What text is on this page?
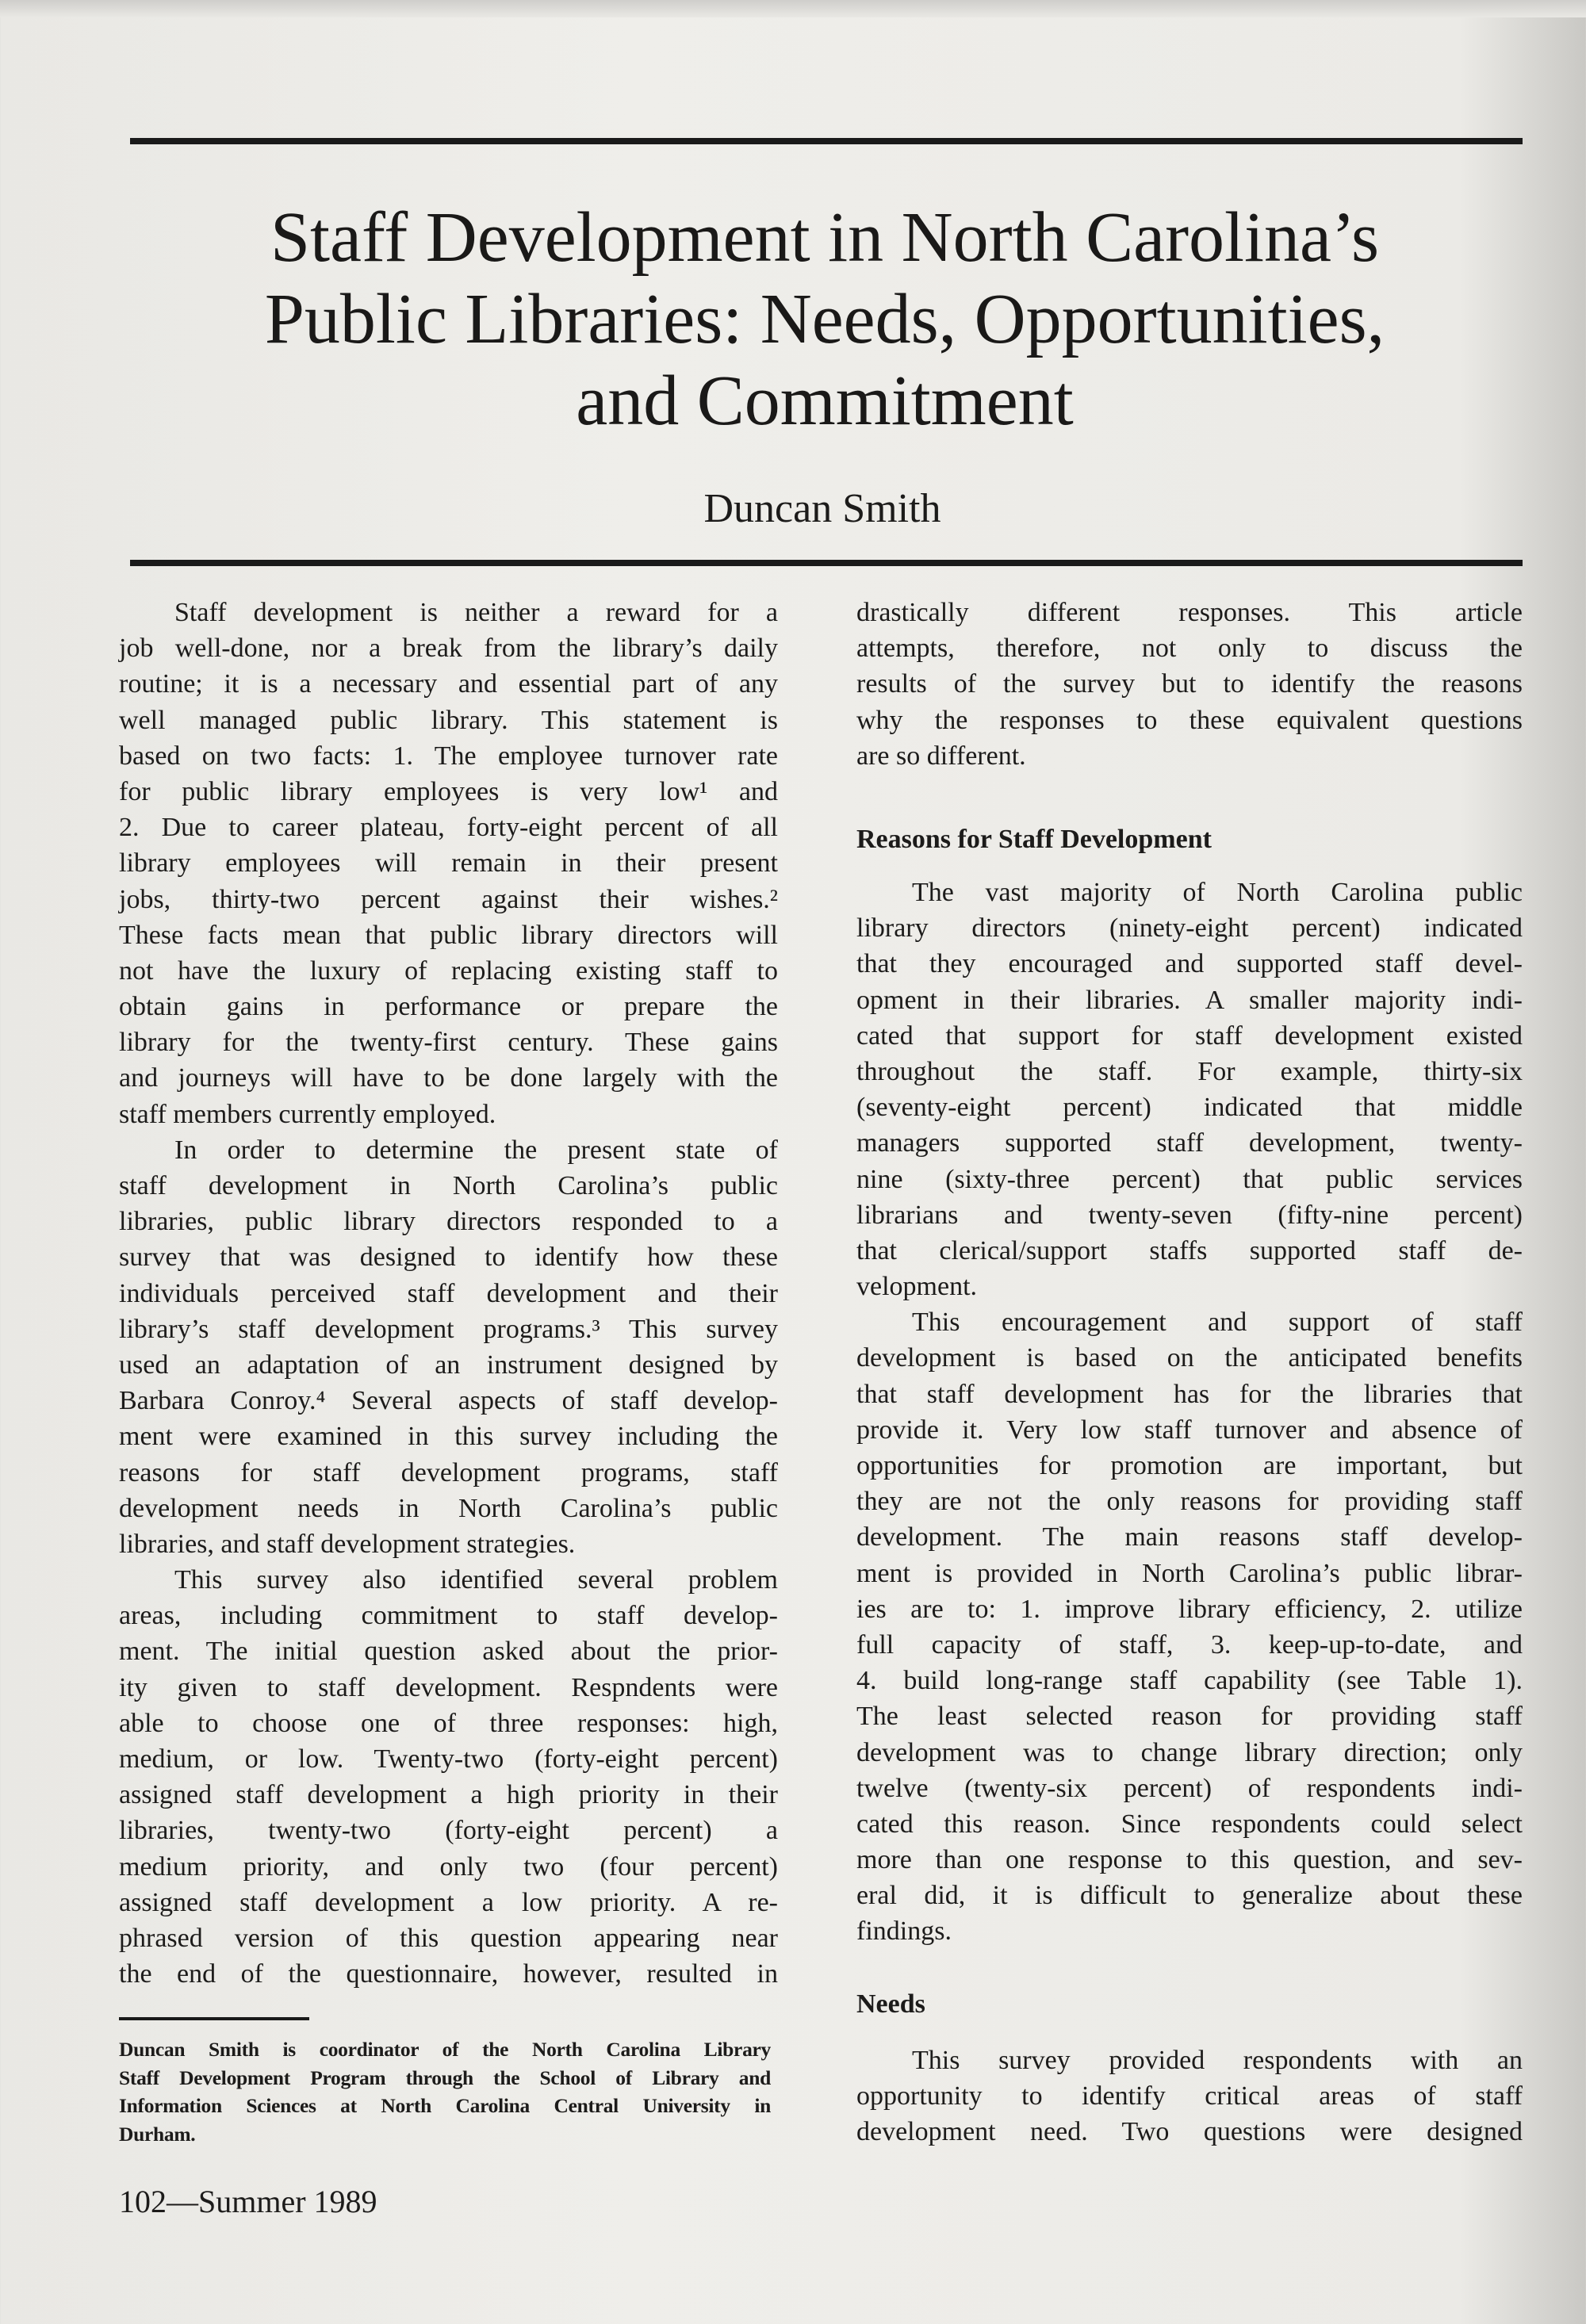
Staff Development in North Carolina’s
Public Libraries: Needs, Opportunities,
and Commitment
Duncan Smith
Staff development is neither a reward for a
job well-done, nor a break from the library’s daily
routine; it is a necessary and essential part of any
well managed public library. This statement is
based on two facts: 1. The employee turnover rate
for public library employees is very low¹ and
2. Due to career plateau, forty-eight percent of all
library employees will remain in their present
jobs, thirty-two percent against their wishes.²
These facts mean that public library directors will
not have the luxury of replacing existing staff to
obtain gains in performance or prepare the
library for the twenty-first century. These gains
and journeys will have to be done largely with the
staff members currently employed.
In order to determine the present state of
staff development in North Carolina’s public
libraries, public library directors responded to a
survey that was designed to identify how these
individuals perceived staff development and their
library’s staff development programs.³ This survey
used an adaptation of an instrument designed by
Barbara Conroy.⁴ Several aspects of staff develop-
ment were examined in this survey including the
reasons for staff development programs, staff
development needs in North Carolina’s public
libraries, and staff development strategies.
This survey also identified several problem
areas, including commitment to staff develop-
ment. The initial question asked about the prior-
ity given to staff development. Respndents were
able to choose one of three responses: high,
medium, or low. Twenty-two (forty-eight percent)
assigned staff development a high priority in their
libraries, twenty-two (forty-eight percent) a
medium priority, and only two (four percent)
assigned staff development a low priority. A re-
phrased version of this question appearing near
the end of the questionnaire, however, resulted in
drastically different responses. This article
attempts, therefore, not only to discuss the
results of the survey but to identify the reasons
why the responses to these equivalent questions
are so different.
Reasons for Staff Development
The vast majority of North Carolina public
library directors (ninety-eight percent) indicated
that they encouraged and supported staff devel-
opment in their libraries. A smaller majority indi-
cated that support for staff development existed
throughout the staff. For example, thirty-six
(seventy-eight percent) indicated that middle
managers supported staff development, twenty-
nine (sixty-three percent) that public services
librarians and twenty-seven (fifty-nine percent)
that clerical/support staffs supported staff de-
velopment.
This encouragement and support of staff
development is based on the anticipated benefits
that staff development has for the libraries that
provide it. Very low staff turnover and absence of
opportunities for promotion are important, but
they are not the only reasons for providing staff
development. The main reasons staff develop-
ment is provided in North Carolina’s public librar-
ies are to: 1. improve library efficiency, 2. utilize
full capacity of staff, 3. keep-up-to-date, and
4. build long-range staff capability (see Table 1).
The least selected reason for providing staff
development was to change library direction; only
twelve (twenty-six percent) of respondents indi-
cated this reason. Since respondents could select
more than one response to this question, and sev-
eral did, it is difficult to generalize about these
findings.
Needs
This survey provided respondents with an
opportunity to identify critical areas of staff
development need. Two questions were designed
Duncan Smith is coordinator of the North Carolina Library
Staff Development Program through the School of Library and
Information Sciences at North Carolina Central University in
Durham.
102—Summer 1989
